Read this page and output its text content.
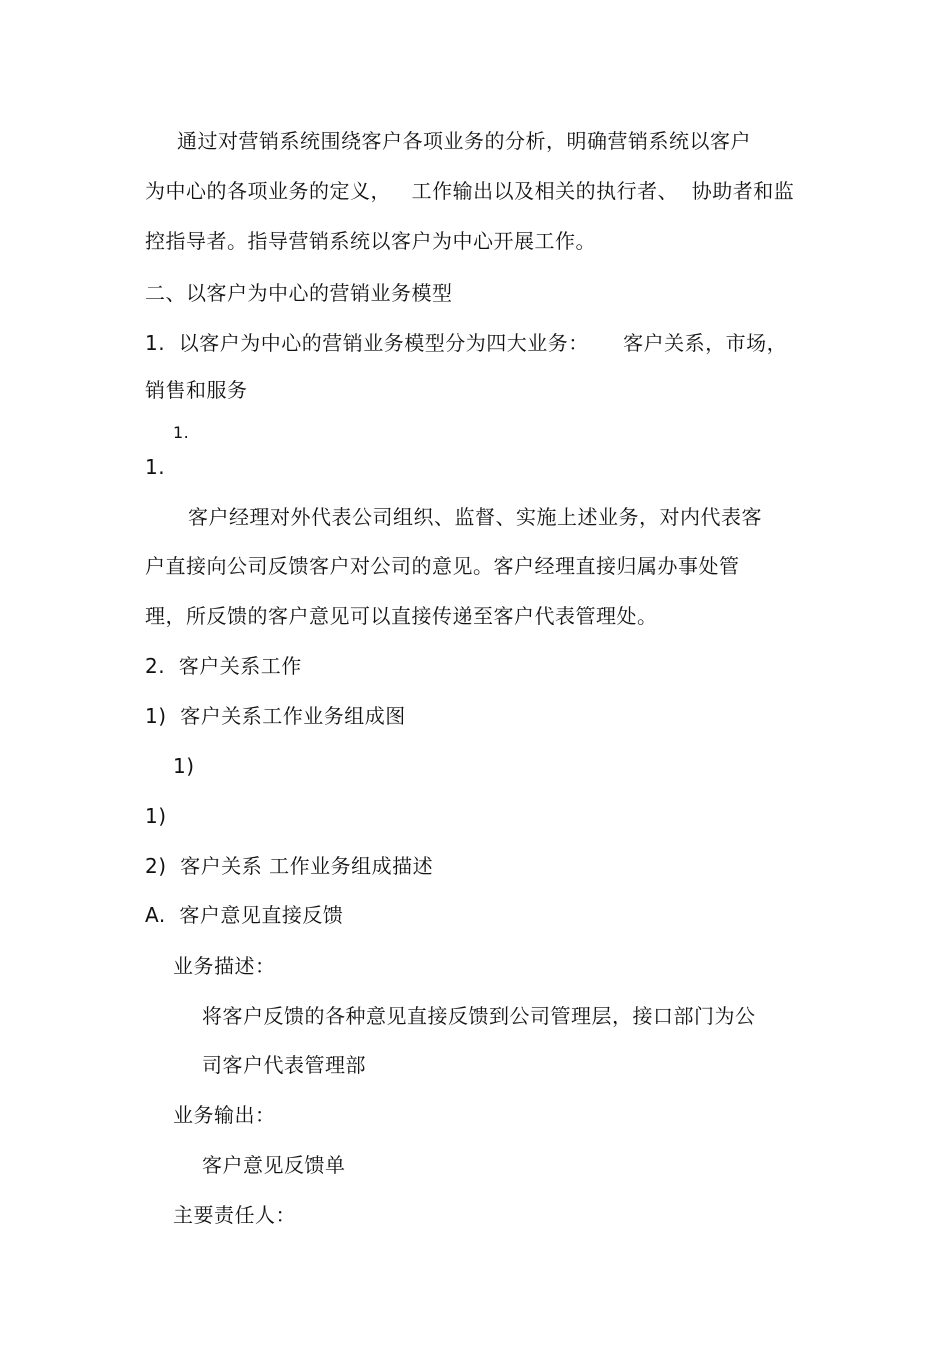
通过对营销系统围绕客户各项业务的分析，明确营销系统以客户
为中心的各项业务的定义，   工作输出以及相关的执行者、  协助者和监
控指导者。指导营销系统以客户为中心开展工作。
二、以客户为中心的营销业务模型
1.  以客户为中心的营销业务模型分为四大业务：     客户关系，市场，
销售和服务
1.
1.
客户经理对外代表公司组织、监督、实施上述业务，对内代表客
户直接向公司反馈客户对公司的意见。客户经理直接归属办事处管
理，所反馈的客户意见可以直接传递至客户代表管理处。
2.  客户关系工作
1)  客户关系工作业务组成图
1)
1)
2)  客户关系 工作业务组成描述
A.  客户意见直接反馈
业务描述：
将客户反馈的各种意见直接反馈到公司管理层，接口部门为公
司客户代表管理部
业务输出：
客户意见反馈单
主要责任人：
